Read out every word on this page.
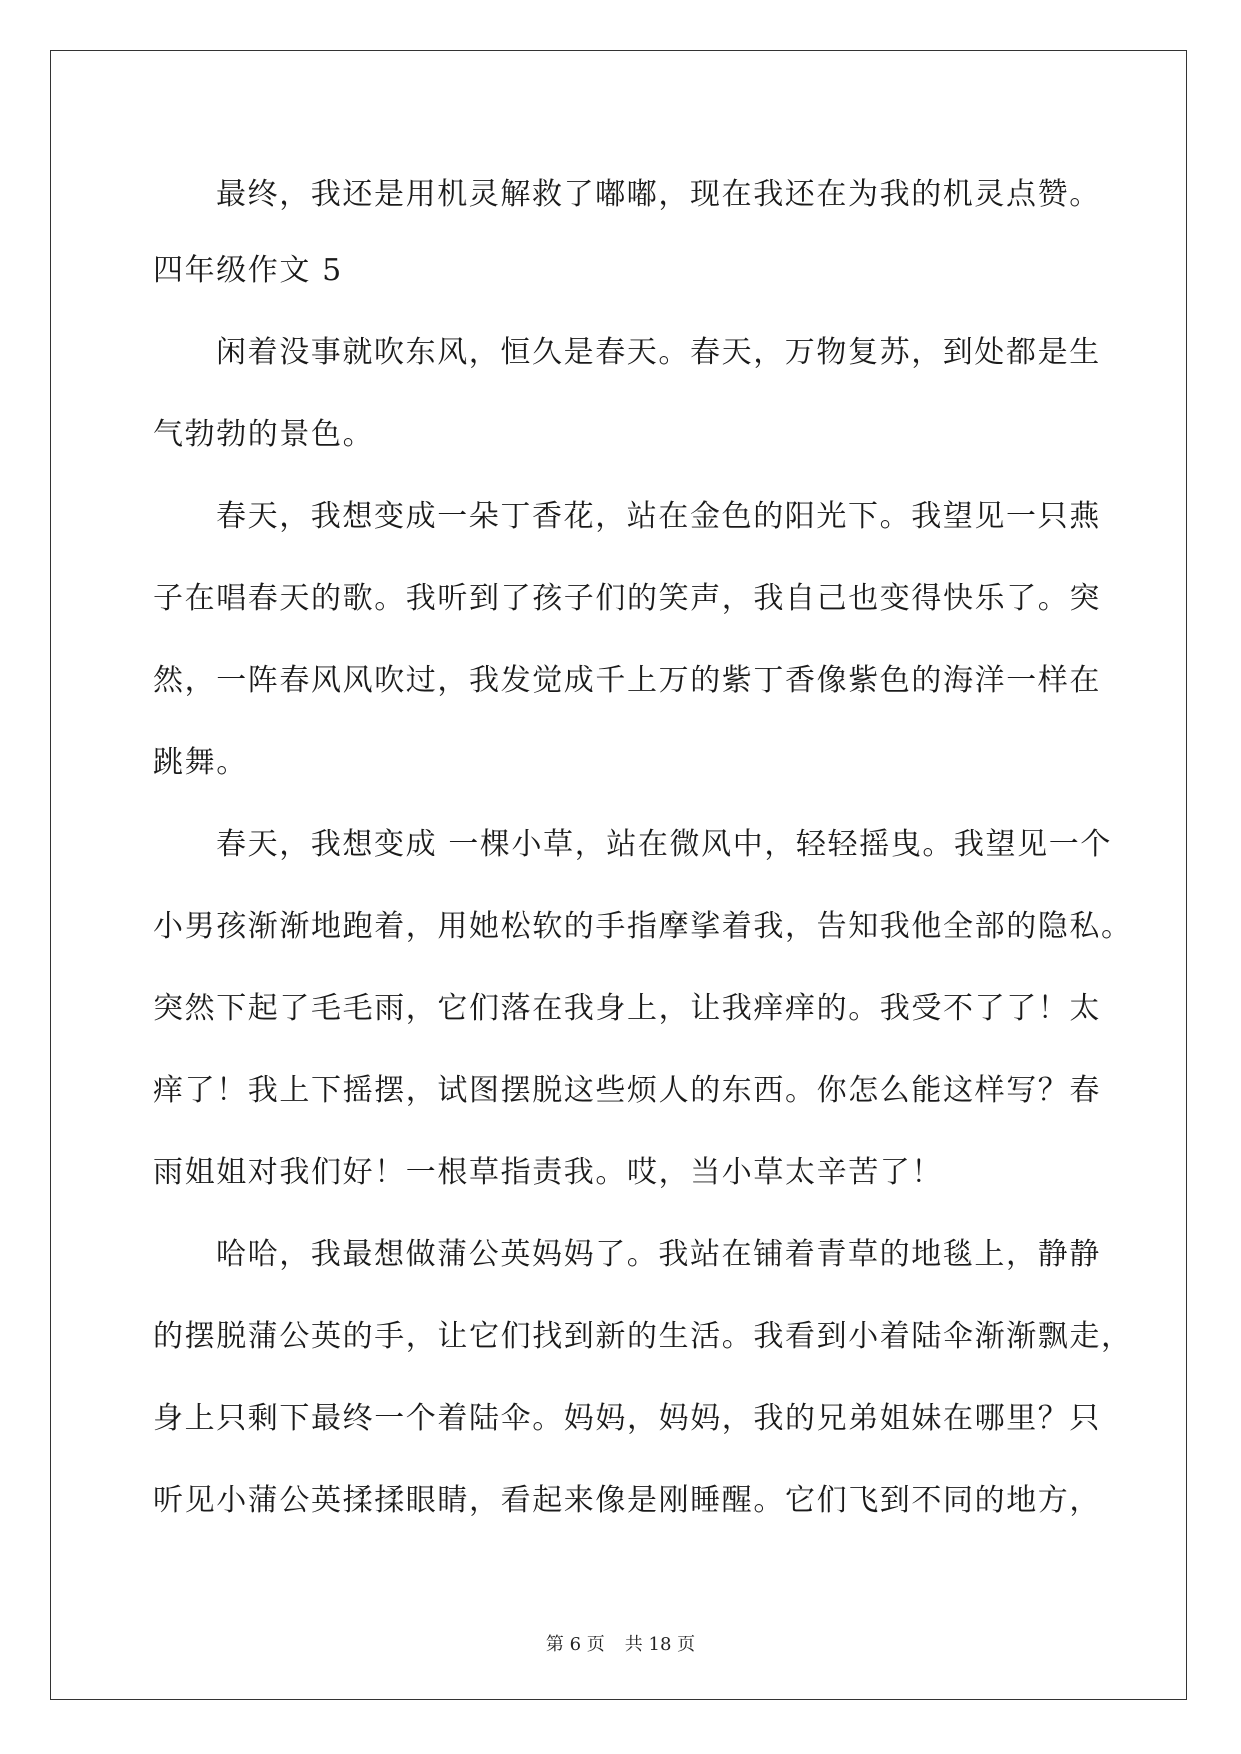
最终，我还是用机灵解救了嘟嘟，现在我还在为我的机灵点赞。
四年级作文 5
闲着没事就吹东风，恒久是春天。春天，万物复苏，到处都是生
气勃勃的景色。
春天，我想变成一朵丁香花，站在金色的阳光下。我望见一只燕
子在唱春天的歌。我听到了孩子们的笑声，我自己也变得快乐了。突
然，一阵春风风吹过，我发觉成千上万的紫丁香像紫色的海洋一样在
跳舞。
春天，我想变成 一棵小草，站在微风中，轻轻摇曳。我望见一个
小男孩渐渐地跑着，用她松软的手指摩挲着我，告知我他全部的隐私。
突然下起了毛毛雨，它们落在我身上，让我痒痒的。我受不了了！太
痒了！我上下摇摆，试图摆脱这些烦人的东西。你怎么能这样写？春
雨姐姐对我们好！一根草指责我。哎，当小草太辛苦了！
哈哈，我最想做蒲公英妈妈了。我站在铺着青草的地毯上，静静
的摆脱蒲公英的手，让它们找到新的生活。我看到小着陆伞渐渐飘走，
身上只剩下最终一个着陆伞。妈妈，妈妈，我的兄弟姐妹在哪里？只
听见小蒲公英揉揉眼睛，看起来像是刚睡醒。它们飞到不同的地方，
第 6 页 共 18 页
